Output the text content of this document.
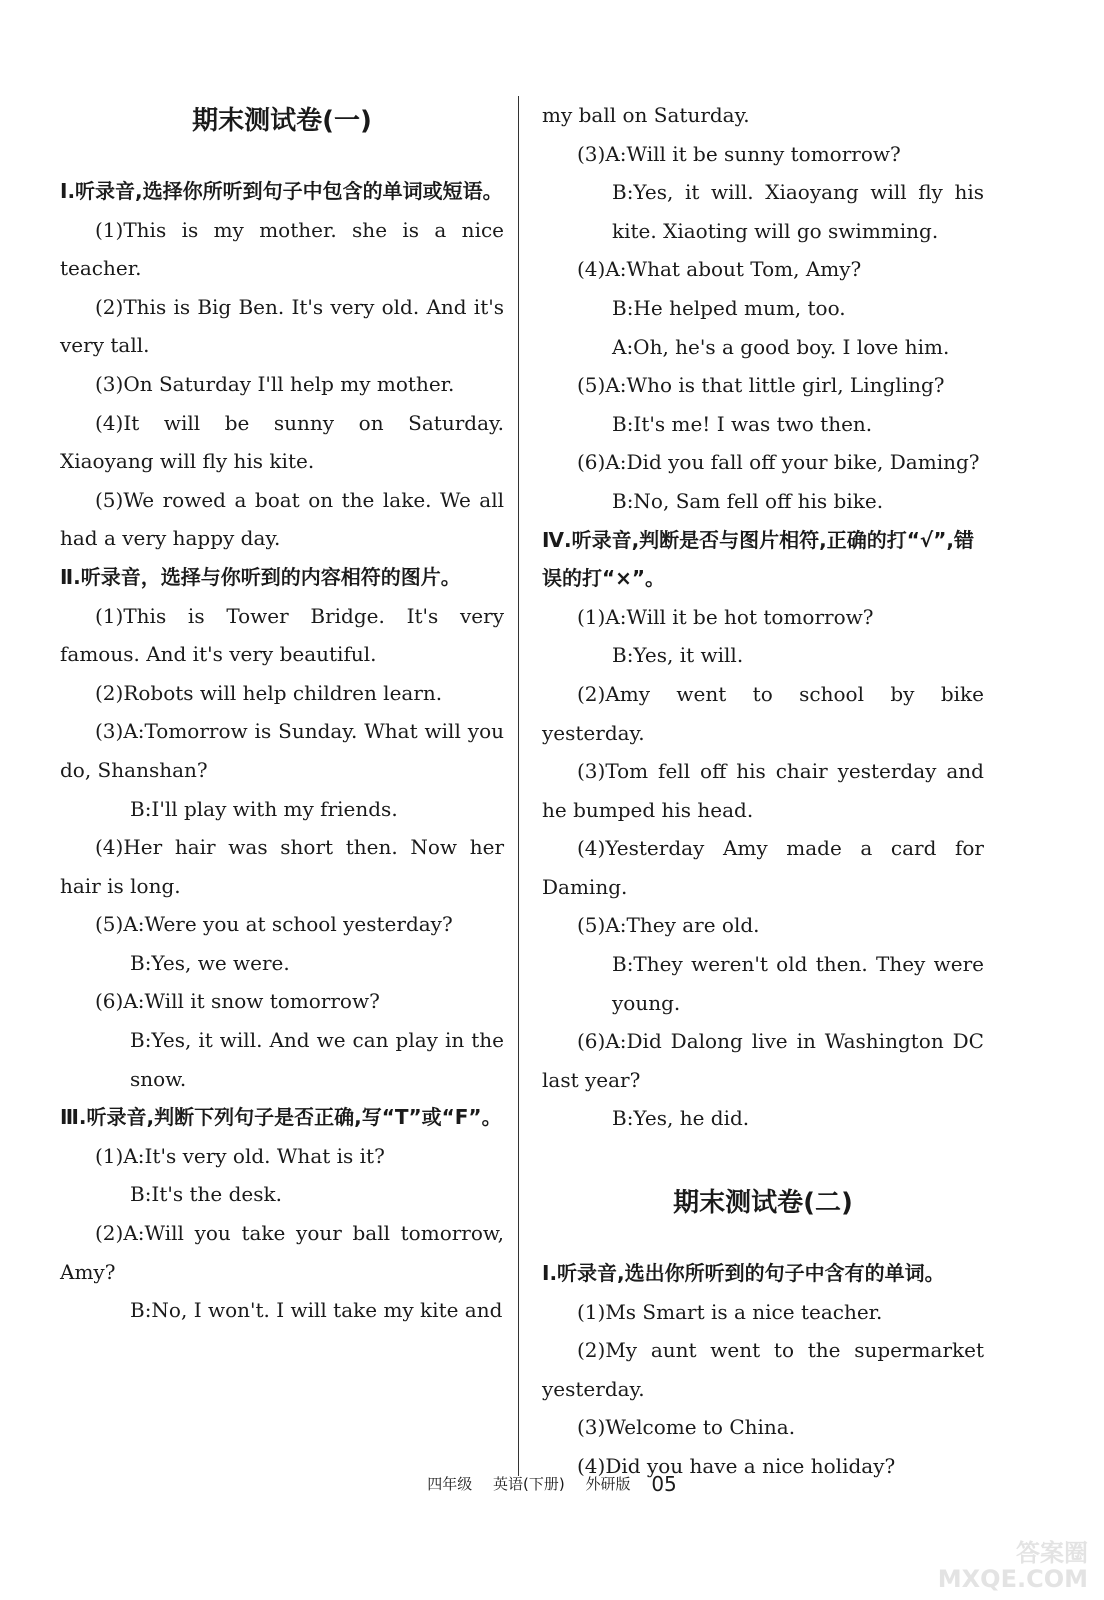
期末测试卷(一)

Ⅰ.听录音,选择你所听到句子中包含的单词或短语。

(1)This is my mother. she is a nice teacher.

(2)This is Big Ben. It's very old. And it's very tall.

(3)On Saturday I'll help my mother.

(4)It will be sunny on Saturday. Xiaoyang will fly his kite.

(5)We rowed a boat on the lake. We all had a very happy day.

Ⅱ.听录音，选择与你听到的内容相符的图片。

(1)This is Tower Bridge. It's very famous. And it's very beautiful.

(2)Robots will help children learn.

(3)A:Tomorrow is Sunday. What will you do, Shanshan?

B:I'll play with my friends.

(4)Her hair was short then. Now her hair is long.

(5)A:Were you at school yesterday?

B:Yes, we were.

(6)A:Will it snow tomorrow?

B:Yes, it will. And we can play in the snow.

Ⅲ.听录音,判断下列句子是否正确,写“T”或“F”。

(1)A:It's very old. What is it?

B:It's the desk.

(2)A:Will you take your ball tomorrow, Amy?

B:No, I won't. I will take my kite and

my ball on Saturday.

(3)A:Will it be sunny tomorrow?

B:Yes, it will. Xiaoyang will fly his kite. Xiaoting will go swimming.

(4)A:What about Tom, Amy?

B:He helped mum, too.

A:Oh, he's a good boy. I love him.

(5)A:Who is that little girl, Lingling?

B:It's me! I was two then.

(6)A:Did you fall off your bike, Daming?

B:No, Sam fell off his bike.

Ⅳ.听录音,判断是否与图片相符,正确的打“√”,错误的打“×”。

(1)A:Will it be hot tomorrow?

B:Yes, it will.

(2)Amy went to school by bike yesterday.

(3)Tom fell off his chair yesterday and he bumped his head.

(4)Yesterday Amy made a card for Daming.

(5)A:They are old.

B:They weren't old then. They were young.

(6)A:Did Dalong live in Washington DC last year?

B:Yes, he did.

期末测试卷(二)

Ⅰ.听录音,选出你所听到的句子中含有的单词。

(1)Ms Smart is a nice teacher.

(2)My aunt went to the supermarket yesterday.

(3)Welcome to China.

(4)Did you have a nice holiday?

四年级 英语(下册) 外研版 05
答案圈
MXQE.COM
